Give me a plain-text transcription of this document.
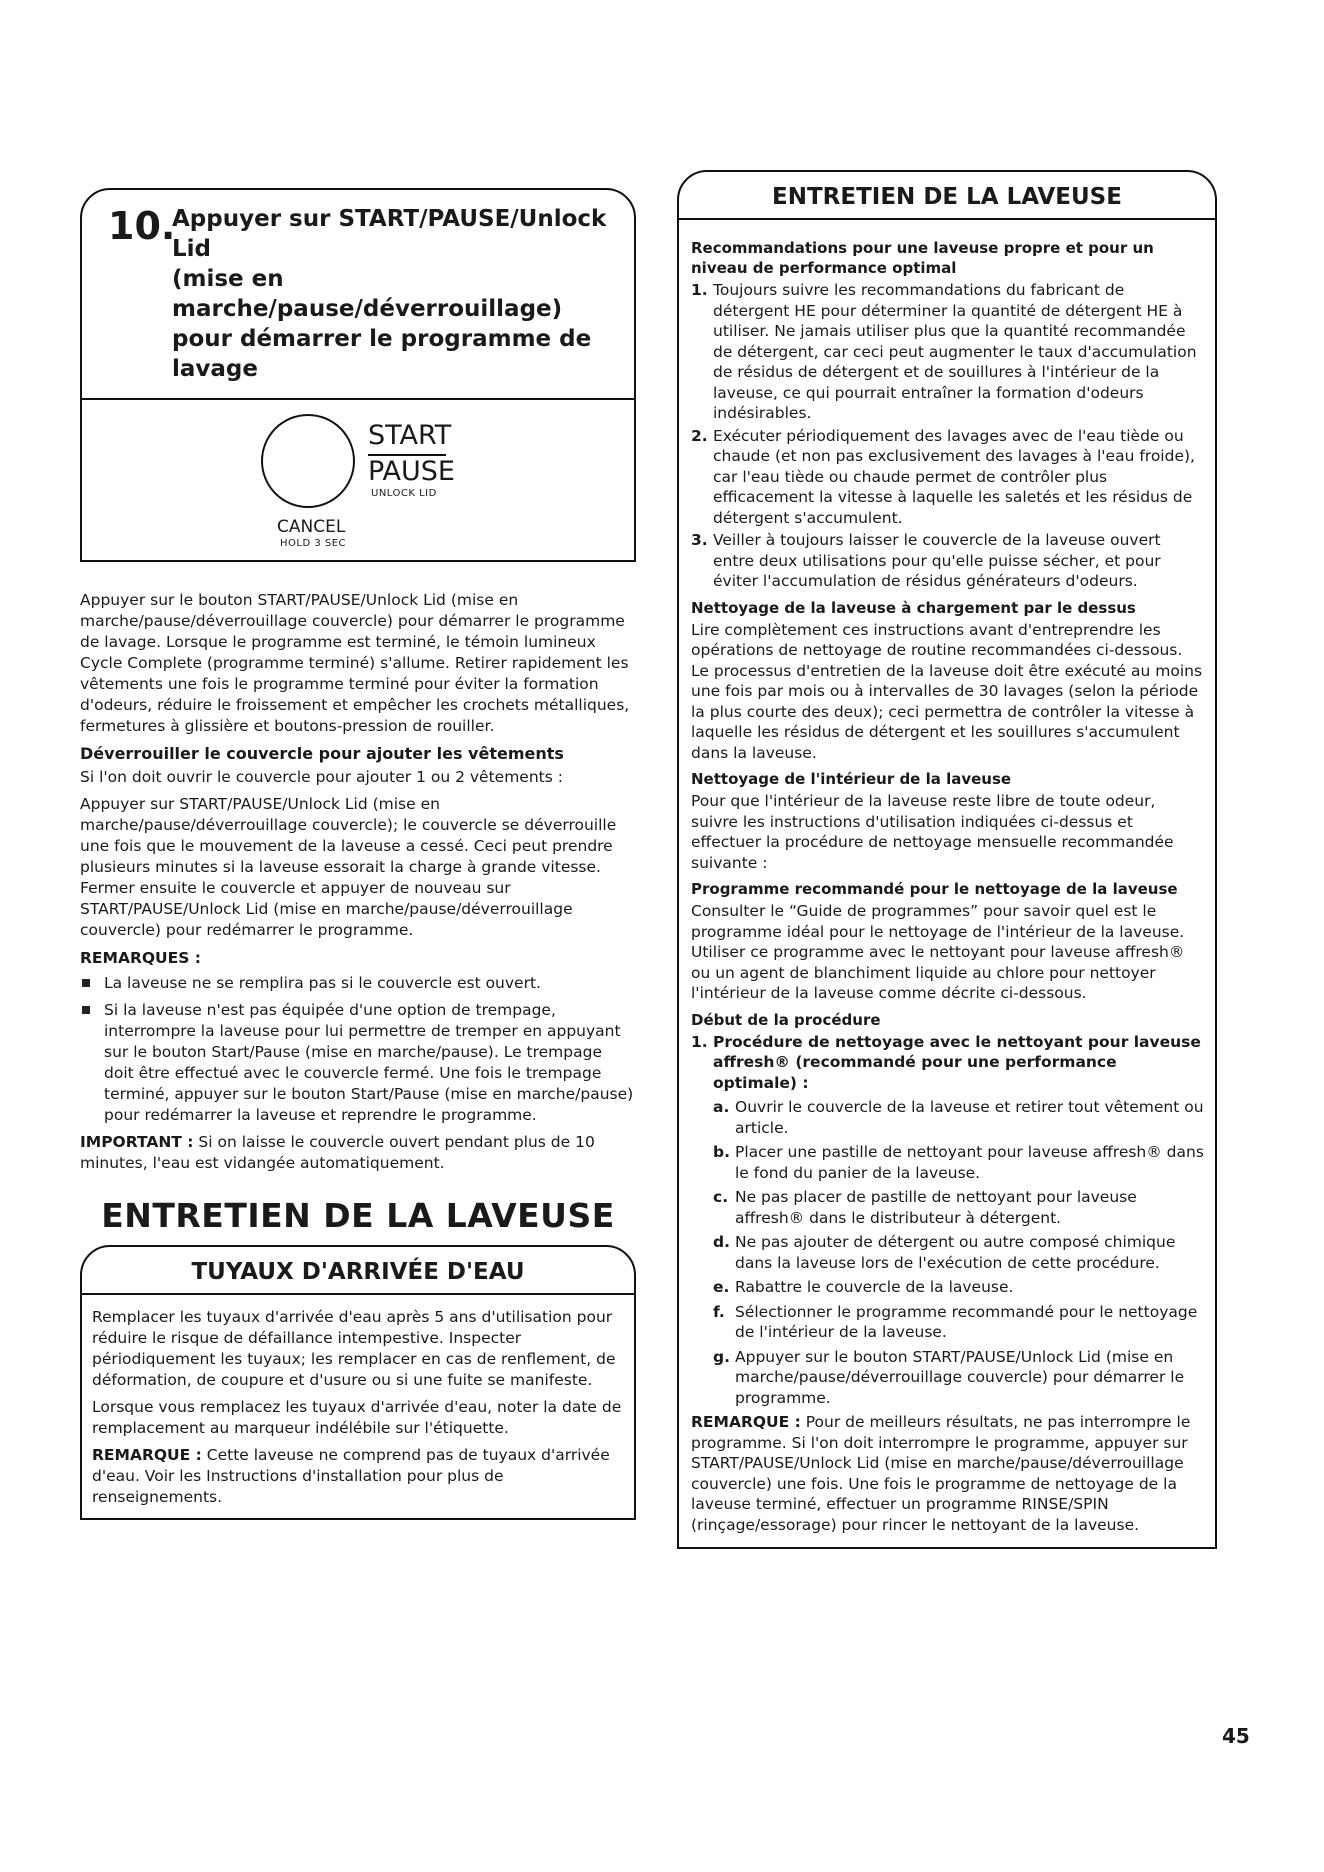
10.
Appuyer sur START/PAUSE/Unlock Lid
(mise en marche/pause/déverrouillage)
pour démarrer le programme de lavage
START
PAUSE
UNLOCK LID
CANCEL
HOLD 3 SEC

Appuyer sur le bouton START/PAUSE/Unlock Lid (mise en marche/pause/déverrouillage couvercle) pour démarrer le programme de lavage. Lorsque le programme est terminé, le témoin lumineux Cycle Complete (programme terminé) s'allume. Retirer rapidement les vêtements une fois le programme terminé pour éviter la formation d'odeurs, réduire le froissement et empêcher les crochets métalliques, fermetures à glissière et boutons-pression de rouiller.

Déverrouiller le couvercle pour ajouter les vêtements

Si l'on doit ouvrir le couvercle pour ajouter 1 ou 2 vêtements :

Appuyer sur START/PAUSE/Unlock Lid (mise en marche/pause/déverrouillage couvercle); le couvercle se déverrouille une fois que le mouvement de la laveuse a cessé. Ceci peut prendre plusieurs minutes si la laveuse essorait la charge à grande vitesse. Fermer ensuite le couvercle et appuyer de nouveau sur START/PAUSE/Unlock Lid (mise en marche/pause/déverrouillage couvercle) pour redémarrer le programme.

REMARQUES :
La laveuse ne se remplira pas si le couvercle est ouvert.
Si la laveuse n'est pas équipée d'une option de trempage, interrompre la laveuse pour lui permettre de tremper en appuyant sur le bouton Start/Pause (mise en marche/pause). Le trempage doit être effectué avec le couvercle fermé. Une fois le trempage terminé, appuyer sur le bouton Start/Pause (mise en marche/pause) pour redémarrer la laveuse et reprendre le programme.

IMPORTANT : Si on laisse le couvercle ouvert pendant plus de 10 minutes, l'eau est vidangée automatiquement.

ENTRETIEN DE LA LAVEUSE
TUYAUX D'ARRIVÉE D'EAU

Remplacer les tuyaux d'arrivée d'eau après 5 ans d'utilisation pour réduire le risque de défaillance intempestive. Inspecter périodiquement les tuyaux; les remplacer en cas de renflement, de déformation, de coupure et d'usure ou si une fuite se manifeste.

Lorsque vous remplacez les tuyaux d'arrivée d'eau, noter la date de remplacement au marqueur indélébile sur l'étiquette.

REMARQUE : Cette laveuse ne comprend pas de tuyaux d'arrivée d'eau. Voir les Instructions d'installation pour plus de renseignements.

ENTRETIEN DE LA LAVEUSE
Recommandations pour une laveuse propre et pour un niveau de performance optimal
1. Toujours suivre les recommandations du fabricant de détergent HE pour déterminer la quantité de détergent HE à utiliser. Ne jamais utiliser plus que la quantité recommandée de détergent, car ceci peut augmenter le taux d'accumulation de résidus de détergent et de souillures à l'intérieur de la laveuse, ce qui pourrait entraîner la formation d'odeurs indésirables.
2. Exécuter périodiquement des lavages avec de l'eau tiède ou chaude (et non pas exclusivement des lavages à l'eau froide), car l'eau tiède ou chaude permet de contrôler plus efficacement la vitesse à laquelle les saletés et les résidus de détergent s'accumulent.
3. Veiller à toujours laisser le couvercle de la laveuse ouvert entre deux utilisations pour qu'elle puisse sécher, et pour éviter l'accumulation de résidus générateurs d'odeurs.
Nettoyage de la laveuse à chargement par le dessus

Lire complètement ces instructions avant d'entreprendre les opérations de nettoyage de routine recommandées ci-dessous. Le processus d'entretien de la laveuse doit être exécuté au moins une fois par mois ou à intervalles de 30 lavages (selon la période la plus courte des deux); ceci permettra de contrôler la vitesse à laquelle les résidus de détergent et les souillures s'accumulent dans la laveuse.

Nettoyage de l'intérieur de la laveuse

Pour que l'intérieur de la laveuse reste libre de toute odeur, suivre les instructions d'utilisation indiquées ci-dessus et effectuer la procédure de nettoyage mensuelle recommandée suivante :

Programme recommandé pour le nettoyage de la laveuse

Consulter le “Guide de programmes” pour savoir quel est le programme idéal pour le nettoyage de l'intérieur de la laveuse. Utiliser ce programme avec le nettoyant pour laveuse affresh® ou un agent de blanchiment liquide au chlore pour nettoyer l'intérieur de la laveuse comme décrite ci-dessous.

Début de la procédure
1. Procédure de nettoyage avec le nettoyant pour laveuse affresh® (recommandé pour une performance optimale) :
a. Ouvrir le couvercle de la laveuse et retirer tout vêtement ou article.
b. Placer une pastille de nettoyant pour laveuse affresh® dans le fond du panier de la laveuse.
c. Ne pas placer de pastille de nettoyant pour laveuse affresh® dans le distributeur à détergent.
d. Ne pas ajouter de détergent ou autre composé chimique dans la laveuse lors de l'exécution de cette procédure.
e. Rabattre le couvercle de la laveuse.
f. Sélectionner le programme recommandé pour le nettoyage de l'intérieur de la laveuse.
g. Appuyer sur le bouton START/PAUSE/Unlock Lid (mise en marche/pause/déverrouillage couvercle) pour démarrer le programme.

REMARQUE : Pour de meilleurs résultats, ne pas interrompre le programme. Si l'on doit interrompre le programme, appuyer sur START/PAUSE/Unlock Lid (mise en marche/pause/déverrouillage couvercle) une fois. Une fois le programme de nettoyage de la laveuse terminé, effectuer un programme RINSE/SPIN (rinçage/essorage) pour rincer le nettoyant de la laveuse.

45
